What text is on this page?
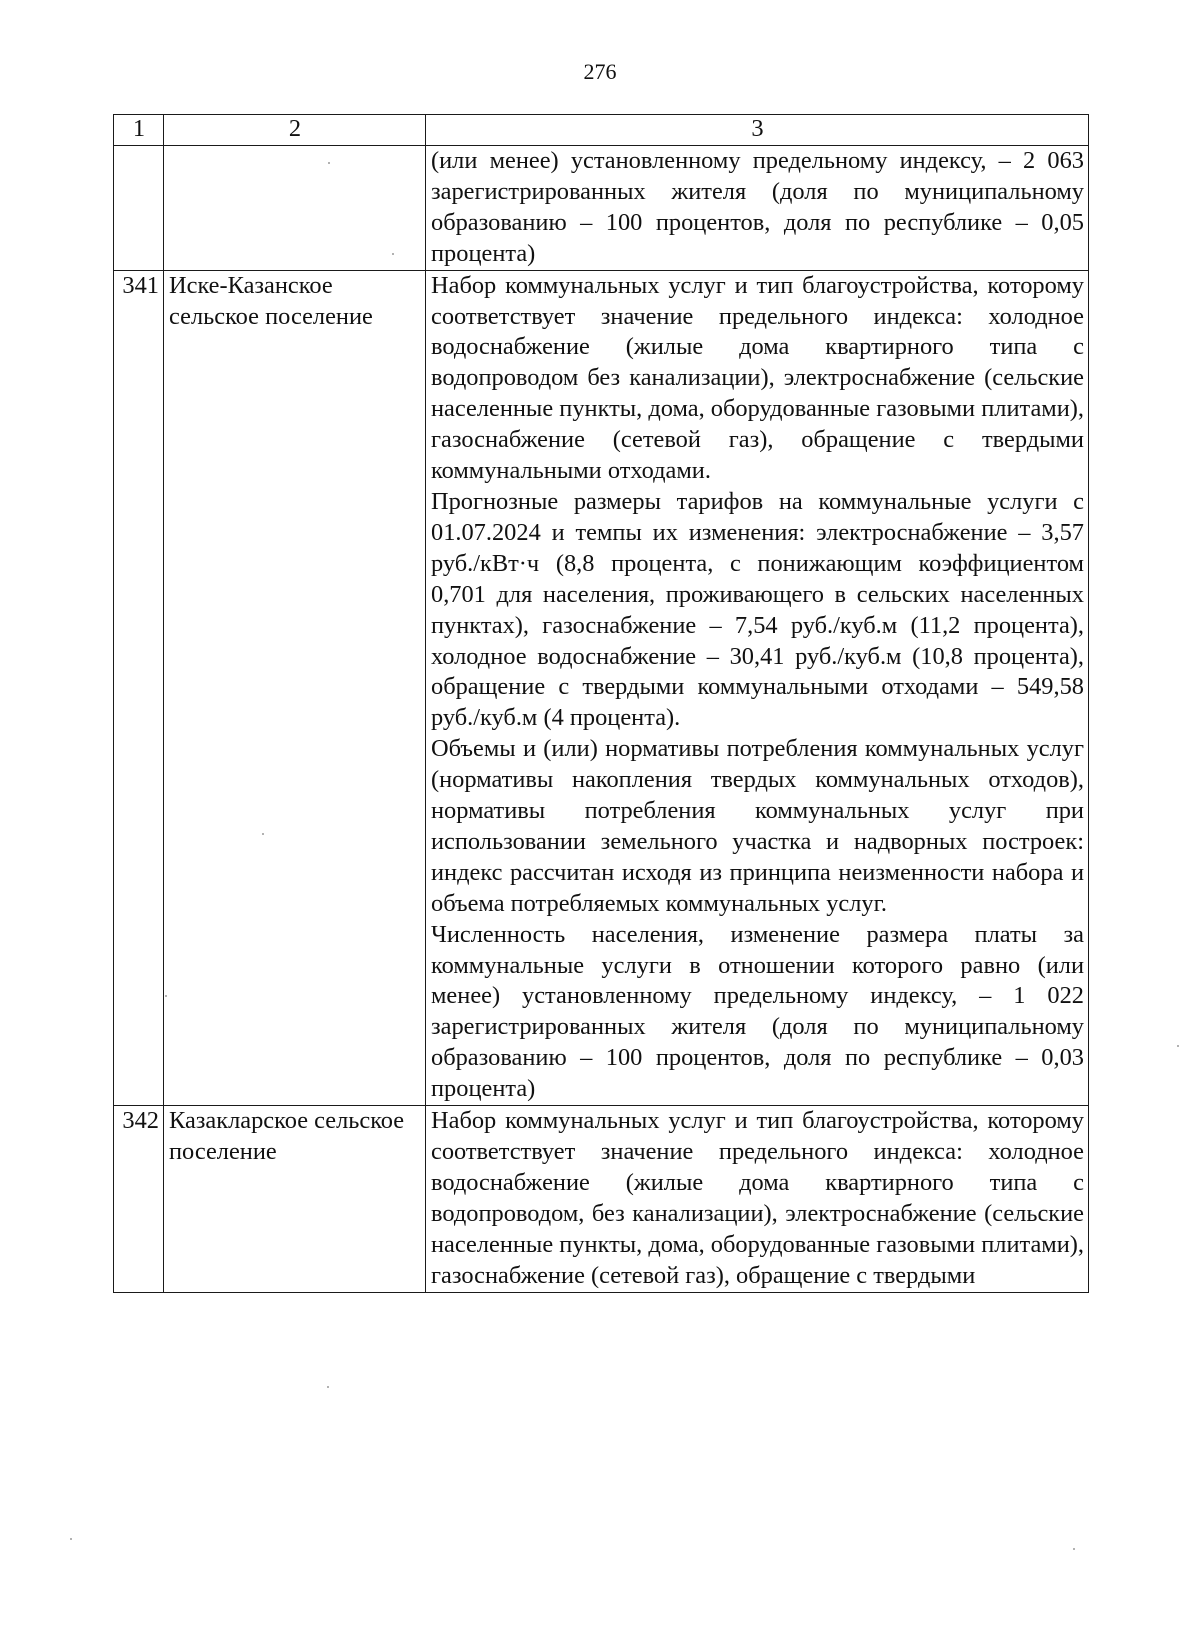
276
1	2	3

		(или менее) установленному предельному индексу, – 2 063 зарегистрированных жителя (доля по муниципальному образованию – 100 процентов, доля по республике – 0,05 процента)

341	Иске-Казанское сельское поселение	Набор коммунальных услуг и тип благоустройства, которому соответствует значение предельного индекса: холодное водоснабжение (жилые дома квартирного типа с водопроводом без канализации), электроснабжение (сельские населенные пункты, дома, оборудованные газовыми плитами), газоснабжение (сетевой газ), обращение с твердыми коммунальными отходами.
Прогнозные размеры тарифов на коммунальные услуги с 01.07.2024 и темпы их изменения: электроснабжение – 3,57 руб./кВт·ч (8,8 процента, с понижающим коэффициентом 0,701 для населения, проживающего в сельских населенных пунктах), газоснабжение – 7,54 руб./куб.м (11,2 процента), холодное водоснабжение – 30,41 руб./куб.м (10,8 процента), обращение с твердыми коммунальными отходами – 549,58 руб./куб.м (4 процента).
Объемы и (или) нормативы потребления коммунальных услуг (нормативы накопления твердых коммунальных отходов), нормативы потребления коммунальных услуг при использовании земельного участка и надворных построек: индекс рассчитан исходя из принципа неизменности набора и объема потребляемых коммунальных услуг.
Численность населения, изменение размера платы за коммунальные услуги в отношении которого равно (или менее) установленному предельному индексу, – 1 022 зарегистрированных жителя (доля по муниципальному образованию – 100 процентов, доля по республике – 0,03 процента)

342	Казакларское сельское поселение	Набор коммунальных услуг и тип благоустройства, которому соответствует значение предельного индекса: холодное водоснабжение (жилые дома квартирного типа с водопроводом, без канализации), электроснабжение (сельские населенные пункты, дома, оборудованные газовыми плитами), газоснабжение (сетевой газ), обращение с твердыми
